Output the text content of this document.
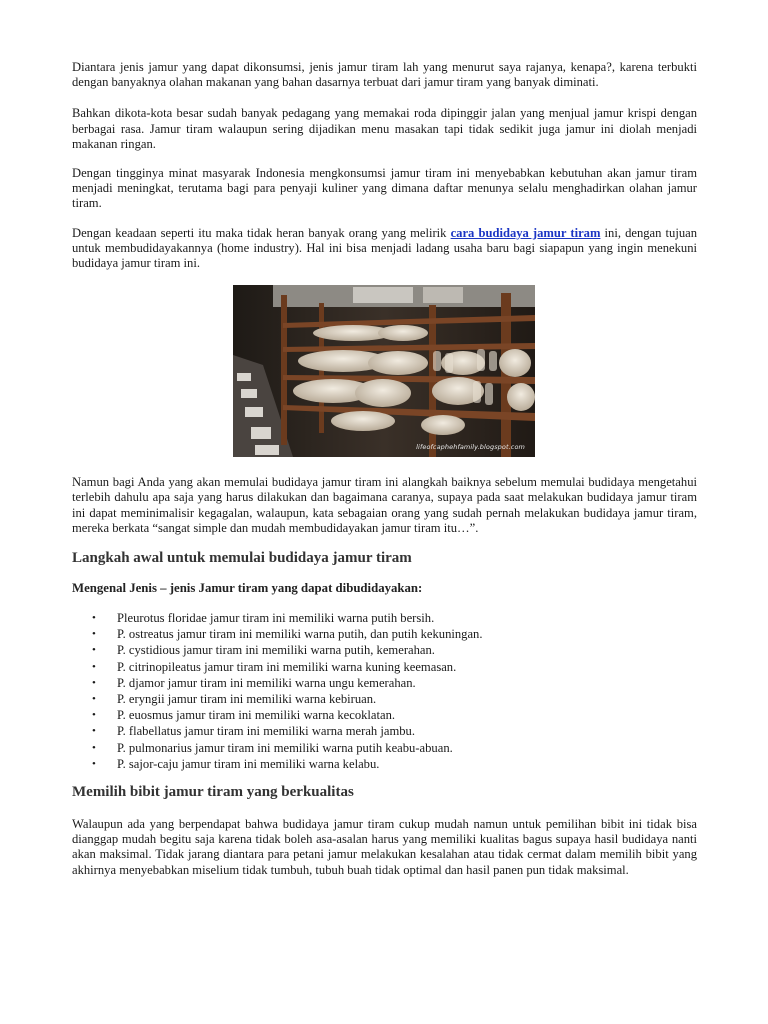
Diantara jenis jamur yang dapat dikonsumsi, jenis jamur tiram lah yang menurut saya rajanya, kenapa?, karena terbukti dengan banyaknya olahan makanan yang bahan dasarnya terbuat dari jamur tiram yang banyak diminati.

Bahkan dikota-kota besar sudah banyak pedagang yang memakai roda dipinggir jalan yang menjual jamur krispi dengan berbagai rasa. Jamur tiram walaupun sering dijadikan menu masakan tapi tidak sedikit juga jamur ini diolah menjadi makanan ringan.

Dengan tingginya minat masyarak Indonesia mengkonsumsi jamur tiram ini menyebabkan kebutuhan akan jamur tiram menjadi meningkat, terutama bagi para penyaji kuliner yang dimana daftar menunya selalu menghadirkan olahan jamur tiram.

Dengan keadaan seperti itu maka tidak heran banyak orang yang melirik cara budidaya jamur tiram ini, dengan tujuan untuk membudidayakannya (home industry). Hal ini bisa menjadi ladang usaha baru bagi siapapun yang ingin menekuni budidaya jamur tiram ini.

lifeofcaphehfamily.blogspot.com

Namun bagi Anda yang akan memulai budidaya jamur tiram ini alangkah baiknya sebelum memulai budidaya mengetahui terlebih dahulu apa saja yang harus dilakukan dan bagaimana caranya, supaya pada saat melakukan budidaya jamur tiram ini dapat meminimalisir kegagalan, walaupun, kata sebagaian orang yang sudah pernah melakukan budidaya jamur tiram, mereka berkata “sangat simple dan mudah membudidayakan jamur tiram itu…”.

Langkah awal untuk memulai budidaya jamur tiram
Mengenal Jenis – jenis Jamur tiram yang dapat dibudidayakan:
• Pleurotus floridae jamur tiram ini memiliki warna putih bersih.
• P. ostreatus jamur tiram ini memiliki warna putih, dan putih kekuningan.
• P. cystidious jamur tiram ini memiliki warna putih, kemerahan.
• P. citrinopileatus jamur tiram ini memiliki warna kuning keemasan.
• P. djamor jamur tiram ini memiliki warna ungu kemerahan.
• P. eryngii jamur tiram ini memiliki warna kebiruan.
• P. euosmus jamur tiram ini memiliki warna kecoklatan.
• P. flabellatus jamur tiram ini memiliki warna merah jambu.
• P. pulmonarius jamur tiram ini memiliki warna putih keabu-abuan.
• P. sajor-caju jamur tiram ini memiliki warna kelabu.
Memilih bibit jamur tiram yang berkualitas

Walaupun ada yang berpendapat bahwa budidaya jamur tiram cukup mudah namun untuk pemilihan bibit ini tidak bisa dianggap mudah begitu saja karena tidak boleh asa-asalan harus yang memiliki kualitas bagus supaya hasil budidaya nanti akan maksimal. Tidak jarang diantara para petani jamur melakukan kesalahan atau tidak cermat dalam memilih bibit yang akhirnya menyebabkan miselium tidak tumbuh, tubuh buah tidak optimal dan hasil panen pun tidak maksimal.
